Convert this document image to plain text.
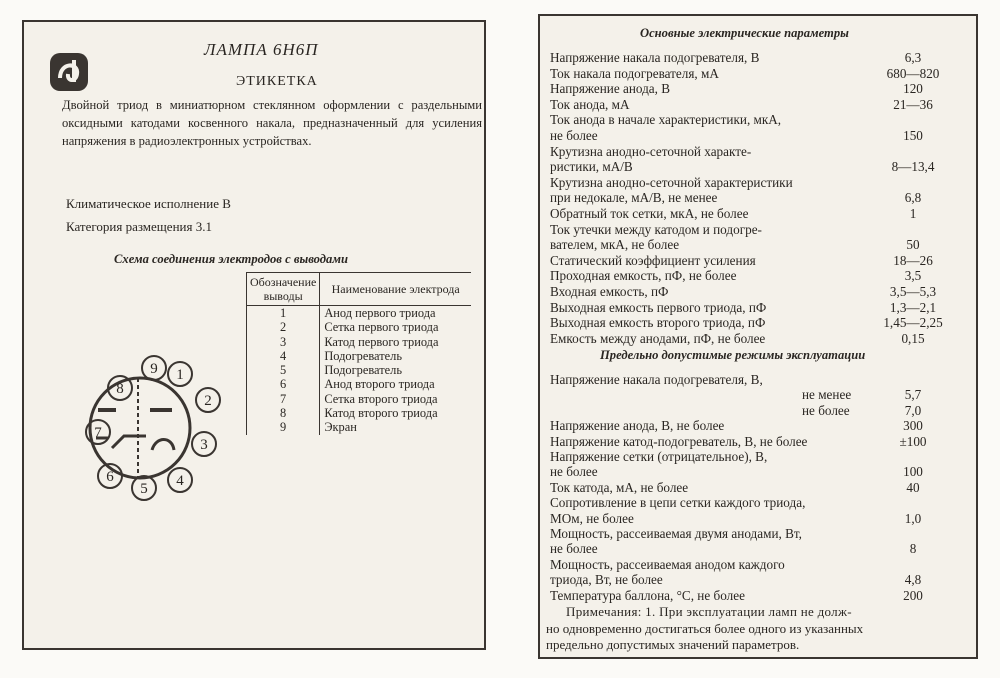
ЛАМПА 6Н6П
ЭТИКЕТКА
Двойной триод в миниатюрном стеклянном оформлении с раздельными оксидными катодами косвенного накала, предназначенный для усиления напряжения в радиоэлектронных устройствах.
Климатическое исполнение В
Категория размещения 3.1
Схема соединения электродов с выводами
Обозначение выводы	Наименование электрода
1	Анод первого триода
2	Сетка первого триода
3	Катод первого триода
4	Подогреватель
5	Подогреватель
6	Анод второго триода
7	Сетка второго триода
8	Катод второго триода
9	Экран
1
2
3
4
5
6
7
8
9
Основные электрические параметры
Напряжение накала подогревателя, В	6,3
Ток накала подогревателя, мА	680—820
Напряжение анода, В	120
Ток анода, мА	21—36
Ток анода в начале характеристики, мкА,
не более	150
Крутизна анодно-сеточной характе-
ристики, мА/В	8—13,4
Крутизна анодно-сеточной характеристики
при недокале, мА/В, не менее	6,8
Обратный ток сетки, мкА, не более	1
Ток утечки между катодом и подогре-
вателем, мкА, не более	50
Статический коэффициент усиления	18—26
Проходная емкость, пФ, не более	3,5
Входная емкость, пФ	3,5—5,3
Выходная емкость первого триода, пФ	1,3—2,1
Выходная емкость второго триода, пФ	1,45—2,25
Емкость между анодами, пФ, не более	0,15
Предельно допустимые режимы эксплуатации
Напряжение накала подогревателя, В,
не менее	5,7
не более	7,0
Напряжение анода, В, не более	300
Напряжение катод-подогреватель, В, не более	±100
Напряжение сетки (отрицательное), В,
не более	100
Ток катода, мА, не более	40
Сопротивление в цепи сетки каждого триода,
МОм, не более	1,0
Мощность, рассеиваемая двумя анодами, Вт,
не более	8
Мощность, рассеиваемая анодом каждого
триода, Вт, не более	4,8
Температура баллона, °С, не более	200
Примечания: 1. При эксплуатации ламп не долж-
но одновременно достигаться более одного из указанных
предельно допустимых значений параметров.
